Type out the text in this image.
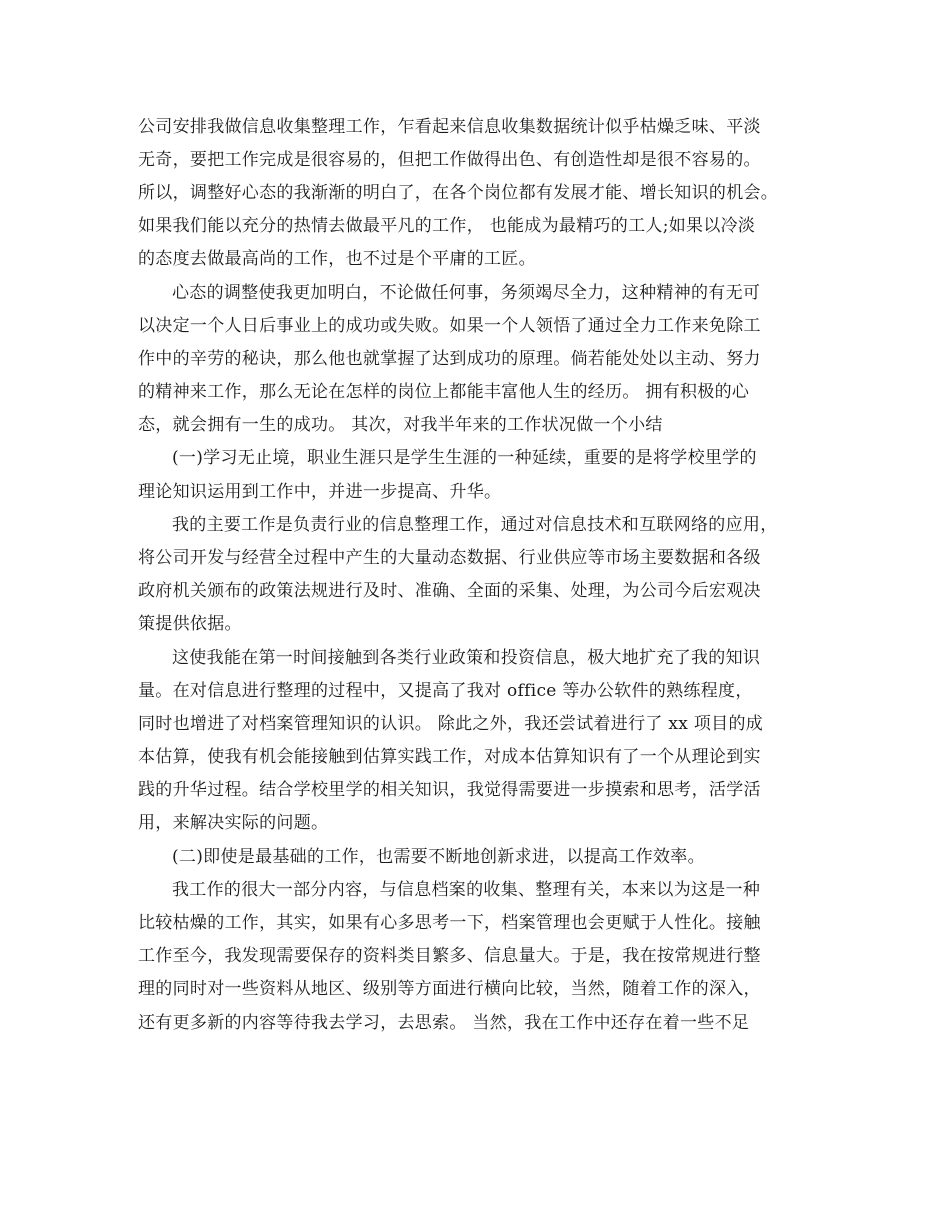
公司安排我做信息收集整理工作，乍看起来信息收集数据统计似乎枯燥乏味、平淡
无奇，要把工作完成是很容易的，但把工作做得出色、有创造性却是很不容易的。
所以，调整好心态的我渐渐的明白了，在各个岗位都有发展才能、增长知识的机会。
如果我们能以充分的热情去做最平凡的工作， 也能成为最精巧的工人;如果以冷淡
的态度去做最高尚的工作，也不过是个平庸的工匠。
心态的调整使我更加明白，不论做任何事，务须竭尽全力，这种精神的有无可
以决定一个人日后事业上的成功或失败。如果一个人领悟了通过全力工作来免除工
作中的辛劳的秘诀，那么他也就掌握了达到成功的原理。倘若能处处以主动、努力
的精神来工作，那么无论在怎样的岗位上都能丰富他人生的经历。 拥有积极的心
态，就会拥有一生的成功。 其次，对我半年来的工作状况做一个小结
(一)学习无止境，职业生涯只是学生生涯的一种延续，重要的是将学校里学的
理论知识运用到工作中，并进一步提高、升华。
我的主要工作是负责行业的信息整理工作，通过对信息技术和互联网络的应用，
将公司开发与经营全过程中产生的大量动态数据、行业供应等市场主要数据和各级
政府机关颁布的政策法规进行及时、准确、全面的采集、处理，为公司今后宏观决
策提供依据。
这使我能在第一时间接触到各类行业政策和投资信息，极大地扩充了我的知识
量。在对信息进行整理的过程中，又提高了我对 office 等办公软件的熟练程度，
同时也增进了对档案管理知识的认识。 除此之外，我还尝试着进行了 xx 项目的成
本估算，使我有机会能接触到估算实践工作，对成本估算知识有了一个从理论到实
践的升华过程。结合学校里学的相关知识，我觉得需要进一步摸索和思考，活学活
用，来解决实际的问题。
(二)即使是最基础的工作，也需要不断地创新求进，以提高工作效率。
我工作的很大一部分内容，与信息档案的收集、整理有关，本来以为这是一种
比较枯燥的工作，其实，如果有心多思考一下，档案管理也会更赋于人性化。接触
工作至今，我发现需要保存的资料类目繁多、信息量大。于是，我在按常规进行整
理的同时对一些资料从地区、级别等方面进行横向比较，当然，随着工作的深入，
还有更多新的内容等待我去学习，去思索。 当然，我在工作中还存在着一些不足
